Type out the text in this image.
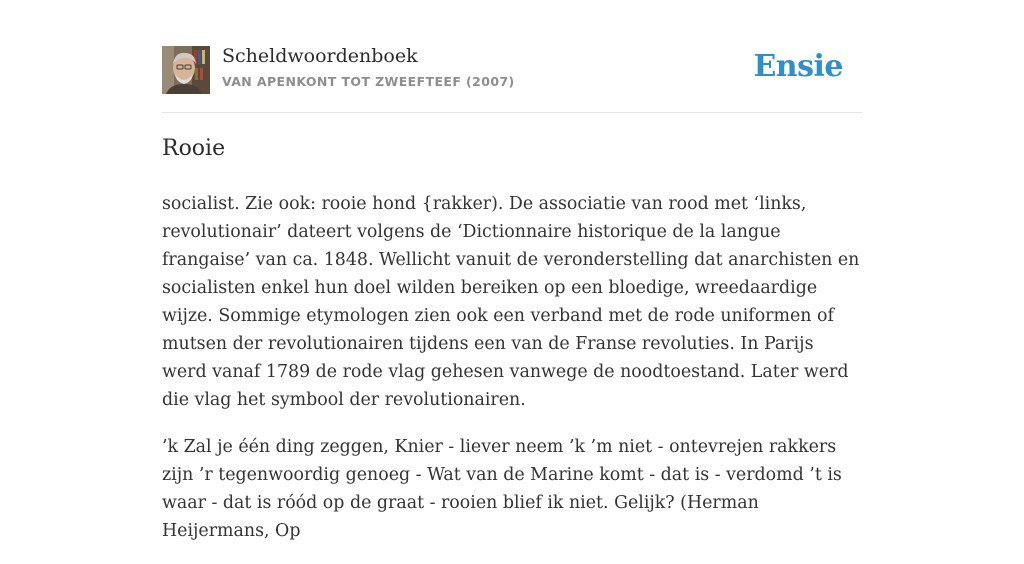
Scheldwoordenboek
VAN APENKONT TOT ZWEEFTEEF (2007)	Ensie
Rooie

socialist. Zie ook: rooie hond {rakker). De associatie van rood met ‘links, revolutionair’ dateert volgens de ‘Dictionnaire historique de la langue frangaise’ van ca. 1848. Wellicht vanuit de veronderstelling dat anarchisten en socialisten enkel hun doel wilden bereiken op een bloedige, wreedaardige wijze. Sommige etymologen zien ook een verband met de rode uniformen of mutsen der revolutionairen tijdens een van de Franse revoluties. In Parijs werd vanaf 1789 de rode vlag gehesen vanwege de noodtoestand. Later werd die vlag het symbool der revolutionairen.

’k Zal je één ding zeggen, Knier - liever neem ’k ’m niet - ontevrejen rakkers zijn ’r tegenwoordig genoeg - Wat van de Marine komt - dat is - verdomd ’t is waar - dat is róód op de graat - rooien blief ik niet. Gelijk? (Herman Heijermans, Op
